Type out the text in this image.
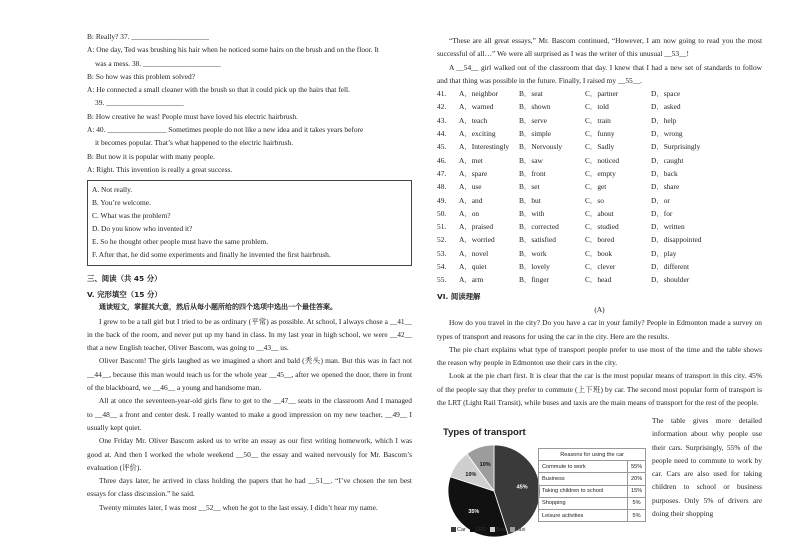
B: Really? 37. _____________________
A: One day, Ted was brushing his hair when he noticed some hairs on the brush and on the floor. It
was a mess. 38. _____________________
B: So how was this problem solved?
A: He connected a small cleaner with the brush so that it could pick up the hairs that fell.
39. _____________________
B: How creative he was! People must have loved his electric hairbrush.
A: 40. ________________ Sometimes people do not like a new idea and it takes years before
it becomes popular. That’s what happened to the electric hairbrush.
B: But now it is popular with many people.
A: Right. This invention is really a great success.
A. Not really.
B. You’re welcome.
C. What was the problem?
D. Do you know who invented it?
E. So he thought other people must have the same problem.
F. After that, he did some experiments and finally he invented the first hairbrush.
三、阅读（共 45 分）
V. 完形填空（15 分）
通读短文，掌握其大意，然后从每小题所给的四个选项中选出一个最佳答案。
I grew to be a tall girl but I tried to be as ordinary (平常) as possible. At school, I always chose a __41__ in the back of the room, and never put up my hand in class. In my last year in high school, we were __42__ that a new English teacher, Oliver Bascom, was going to __43__ us.
Oliver Bascom! The girls laughed as we imagined a short and bald (秃头) man. But this was in fact not __44__, because this man would teach us for the whole year __45__, after we opened the door, there in front of the blackboard, we __46__ a young and handsome man.
All at once the seventeen-year-old girls flew to get to the __47__ seats in the classroom And I managed to __48__ a front and center desk. I really wanted to make a good impression on my new teacher, __49__ I usually kept quiet.
One Friday Mr. Oliver Bascom asked us to write an essay as our first writing homework, which I was good at. And then I worked the whole weekend __50__ the essay and waited nervously for Mr. Bascom’s evaluation (评价).
Three days later, he arrived in class holding the papers that he had __51__. “I’ve chosen the ten best essays for class discussion.” he said.
Twenty minutes later, I was most __52__ when he got to the last essay. I didn’t hear my name.
“These are all great essays,” Mr. Bascom continued, “However, I am now going to read you the most successful of all…” We were all surprised as I was the writer of this unusual __53__!
A __54__ girl walked out of the classroom that day. I knew that I had a new set of standards to follow and that thing was possible in the future. Finally, I raised my __55__.
41.	A．neighbor	B．seat	C．partner	D．space
42.	A．warned	B．shown	C．told	D．asked
43.	A．teach	B．serve	C．train	D．help
44.	A．exciting	B．simple	C．funny	D．wrong
45.	A．Interestingly	B．Nervously	C．Sadly	D．Surprisingly
46.	A．met	B．saw	C．noticed	D．caught
47.	A．spare	B．front	C．empty	D．back
48.	A．use	B．set	C．get	D．share
49.	A．and	B．but	C．so	D．or
50.	A．on	B．with	C．about	D．for
51.	A．praised	B．corrected	C．studied	D．written
52.	A．worried	B．satisfied	C．bored	D．disappointed
53.	A．novel	B．work	C．book	D．play
54.	A．quiet	B．lovely	C．clever	D．different
55.	A．arm	B．finger	C．head	D．shoulder
VI. 阅读理解
(A)
How do you travel in the city? Do you have a car in your family? People in Edmonton made a survey on types of transport and reasons for using the car in the city. Here are the results.
The pie chart explains what type of transport people prefer to use most of the time and the table shows the reason why people in Edmonton use their cars in the city.
Look at the pie chart first. It is clear that the car is the most popular means of transport in this city. 45% of the people say that they prefer to commute (上下班) by car. The second most popular form of transport is the LRT (Light Rail Transit), while buses and taxis are the main means of transport for the rest of the people.
Types of transport
45%
35%
10%
10%
Reasons for using the car	
Commute to work	55%
Business	20%
Taking children to school	15%
Shopping	5%
Leisure activities	5%
Car LRT Bus Taxi
The table gives more detailed information about why people use their cars. Surprisingly, 55% of the people need to commute to work by car. Cars are also used for taking children to school or business purposes. Only 5% of drivers are doing their shopping
